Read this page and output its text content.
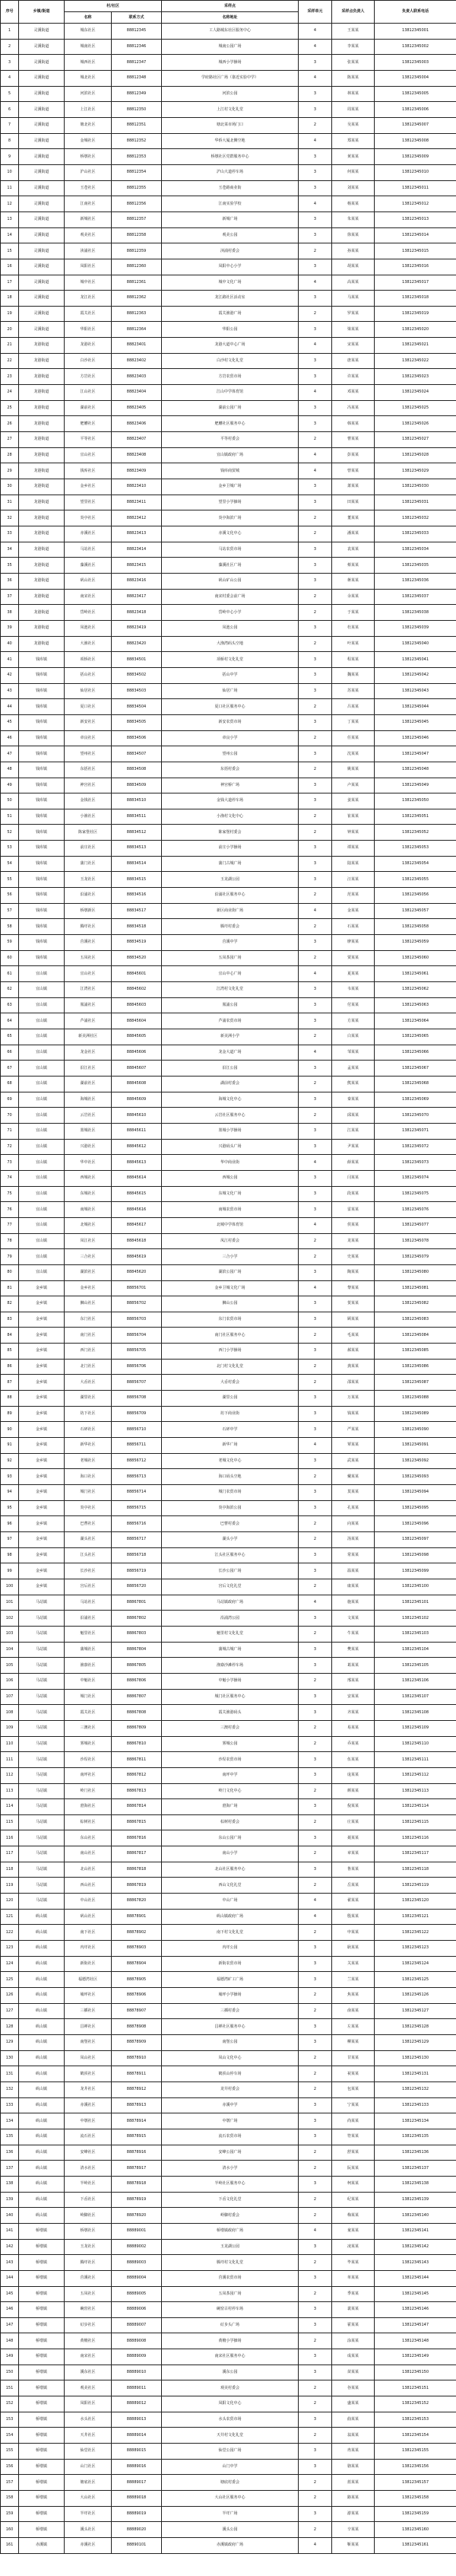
序号	乡镇/街道	村/社区		采样点	采样单元	采样点负责人	负责人联系电话
		名称	联系方式	名称地址			
1	灵溪街道	城东社区	88812345	工人路城东社区服务中心	4	王某某	13812345001
2	灵溪街道	城南社区	88812346	城南公园广场	4	李某某	13812345002
3	灵溪街道	城西社区	88812347	城西小学操场	3	张某某	13812345003
4	灵溪街道	城北社区	88812348	学府路社区广场（靠近实验中学）	4	陈某某	13812345004
5	灵溪街道	河滨社区	88812349	河滨公园	3	林某某	13812345005
6	灵溪街道	上江社区	88812350	上江村文化礼堂	3	周某某	13812345006
7	灵溪街道	塘北社区	88812351	塘北菜市场门口	2	吴某某	13812345007
8	灵溪街道	金城社区	88812352	华侨大厦北侧空地	4	郑某某	13812345008
9	灵溪街道	桥墩社区	88812353	桥墩社区党群服务中心	3	黄某某	13812345009
10	灵溪街道	沪山社区	88812354	沪山大道停车场	3	何某某	13812345010
11	灵溪街道	玉苍社区	88812355	玉苍路商业街	3	刘某某	13812345011
12	灵溪街道	江南社区	88812356	江南实验学校	4	杨某某	13812345012
13	灵溪街道	新城社区	88812357	新城广场	3	朱某某	13812345013
14	灵溪街道	观美社区	88812358	观美公园	3	徐某某	13812345014
15	灵溪街道	渎浦社区	88812359	渎浦村委会	2	孙某某	13812345015
16	灵溪街道	凤阳社区	88812360	凤阳中心小学	3	胡某某	13812345016
17	灵溪街道	城中社区	88812361	城中文化广场	4	高某某	13812345017
18	灵溪街道	龙江社区	88812362	龙江路社区活动室	3	马某某	13812345018
19	灵溪街道	霞关社区	88812363	霞关渔港广场	2	罗某某	13812345019
20	灵溪街道	华阳社区	88812364	华阳公园	3	梁某某	13812345020
21	龙港街道	龙港社区	88823401	龙港大道中心广场	4	宋某某	13812345021
22	龙港街道	白沙社区	88823402	白沙村文化礼堂	3	唐某某	13812345022
23	龙港街道	方岩社区	88823403	方岩农贸市场	3	许某某	13812345023
24	龙港街道	江山社区	88823404	江山中学体育馆	4	邓某某	13812345024
25	龙港街道	湖前社区	88823405	湖前公园广场	3	冯某某	13812345025
26	龙港街道	舥艚社区	88823406	舥艚社区服务中心	3	韩某某	13812345026
27	龙港街道	平等社区	88823407	平等村委会	2	曹某某	13812345027
28	龙港街道	宜山社区	88823408	宜山镇政府广场	4	彭某某	13812345028
29	龙港街道	钱库社区	88823409	钱库商贸城	4	曾某某	13812345029
30	龙港街道	金乡社区	88823410	金乡卫城广场	3	萧某某	13812345030
31	龙港街道	望里社区	88823411	望里小学操场	3	田某某	13812345031
32	龙港街道	炎亭社区	88823412	炎亭海滨广场	2	董某某	13812345032
33	龙港街道	赤溪社区	88823413	赤溪文化中心	2	潘某某	13812345033
34	龙港街道	马站社区	88823414	马站农贸市场	3	袁某某	13812345034
35	龙港街道	藻溪社区	88823415	藻溪社区广场	3	蔡某某	13812345035
36	龙港街道	矾山社区	88823416	矾山矿山公园	3	蒋某某	13812345036
37	龙港街道	南宋社区	88823417	南宋村委会前广场	2	余某某	13812345037
38	龙港街道	岱岭社区	88823418	岱岭中心小学	2	于某某	13812345038
39	龙港街道	凤池社区	88823419	凤池公园	3	杜某某	13812345039
40	龙港街道	大渔社区	88823420	大渔湾码头空地	2	叶某某	13812345040
41	钱库镇	项桥社区	88834501	项桥村文化礼堂	3	程某某	13812345041
42	钱库镇	括山社区	88834502	括山中学	3	魏某某	13812345042
43	钱库镇	仙居社区	88834503	仙居广场	3	苏某某	13812345043
44	钱库镇	夏口社区	88834504	夏口社区服务中心	2	吕某某	13812345044
45	钱库镇	新安社区	88834505	新安农贸市场	3	丁某某	13812345045
46	钱库镇	章良社区	88834506	章良小学	2	任某某	13812345046
47	钱库镇	望州社区	88834507	望州公园	3	沈某某	13812345047
48	钱库镇	东括社区	88834508	东括村委会	2	姚某某	13812345048
49	钱库镇	神宫社区	88834509	神宫桥广场	3	卢某某	13812345049
50	钱库镇	金钱社区	88834510	金钱大道停车场	3	姜某某	13812345050
51	钱库镇	小渔社区	88834511	小渔村文化中心	2	崔某某	13812345051
52	钱库镇	陈家堡社区	88834512	陈家堡村委会	2	钟某某	13812345052
53	钱库镇	前庄社区	88834513	前庄小学操场	3	谭某某	13812345053
54	钱库镇	蒲门社区	88834514	蒲门古城广场	3	陆某某	13812345054
55	钱库镇	玉龙社区	88834515	玉龙湖公园	3	汪某某	13812345055
56	钱库镇	沿浦社区	88834516	沿浦社区服务中心	2	范某某	13812345056
57	钱库镇	桥墩新区	88834517	新区商业街广场	4	金某某	13812345057
58	钱库镇	腾垟社区	88834518	腾垟村委会	2	石某某	13812345058
59	钱库镇	莒溪社区	88834519	莒溪中学	3	廖某某	13812345059
60	钱库镇	五凤社区	88834520	五凤茶园广场	2	贾某某	13812345060
61	宜山镇	宜山社区	88845601	宜山中心广场	4	夏某某	13812345061
62	宜山镇	江湾社区	88845602	江湾村文化礼堂	3	韦某某	13812345062
63	宜山镇	凰浦社区	88845603	凰浦公园	3	付某某	13812345063
64	宜山镇	芦浦社区	88845604	芦浦农贸市场	3	方某某	13812345064
65	宜山镇	新美洲社区	88845605	新美洲小学	2	白某某	13812345065
66	宜山镇	龙金社区	88845606	龙金大道广场	4	邹某某	13812345066
67	宜山镇	沿江社区	88845607	沿江公园	3	孟某某	13812345067
68	宜山镇	湖前社区	88845608	湖前村委会	2	熊某某	13812345068
69	宜山镇	海城社区	88845609	海城文化中心	3	秦某某	13812345069
70	宜山镇	云岩社区	88845610	云岩社区服务中心	2	邱某某	13812345070
71	宜山镇	墨城社区	88845611	墨城小学操场	3	江某某	13812345071
72	宜山镇	兴港社区	88845612	兴港码头广场	3	尹某某	13812345072
73	宜山镇	华中社区	88845613	华中商业街	4	薛某某	13812345073
74	宜山镇	西城社区	88845614	西城公园	3	闫某某	13812345074
75	宜山镇	东城社区	88845615	东城文化广场	3	段某某	13812345075
76	宜山镇	南城社区	88845616	南城农贸市场	3	雷某某	13812345076
77	宜山镇	北城社区	88845617	北城中学体育馆	4	侯某某	13812345077
78	宜山镇	凤江社区	88845618	凤江村委会	2	龙某某	13812345078
79	宜山镇	三合社区	88845619	三合小学	2	史某某	13812345079
80	宜山镇	湖滨社区	88845620	湖滨公园广场	3	陶某某	13812345080
81	金乡镇	金乡社区	88856701	金乡卫城文化广场	4	黎某某	13812345081
82	金乡镇	狮山社区	88856702	狮山公园	3	贺某某	13812345082
83	金乡镇	东门社区	88856703	东门农贸市场	3	顾某某	13812345083
84	金乡镇	南门社区	88856704	南门社区服务中心	2	毛某某	13812345084
85	金乡镇	西门社区	88856705	西门小学操场	3	郝某某	13812345085
86	金乡镇	北门社区	88856706	北门村文化礼堂	2	龚某某	13812345086
87	金乡镇	大岙社区	88856707	大岙村委会	2	邵某某	13812345087
88	金乡镇	湖里社区	88856708	湖里公园	3	万某某	13812345088
89	金乡镇	坊下社区	88856709	坊下商业街	3	钱某某	13812345089
90	金乡镇	石砰社区	88856710	石砰中学	3	严某某	13812345090
91	金乡镇	新华社区	88856711	新华广场	4	覃某某	13812345091
92	金乡镇	老城社区	88856712	老城文化中心	3	武某某	13812345092
93	金乡镇	海口社区	88856713	海口码头空地	2	戴某某	13812345093
94	金乡镇	城门社区	88856714	城门农贸市场	3	莫某某	13812345094
95	金乡镇	炎亭社区	88856715	炎亭海滨公园	3	孔某某	13812345095
96	金乡镇	巴曹社区	88856716	巴曹村委会	2	向某某	13812345096
97	金乡镇	湖头社区	88856717	湖头小学	2	汤某某	13812345097
98	金乡镇	江头社区	88856718	江头社区服务中心	3	常某某	13812345098
99	金乡镇	长沙社区	88856719	长沙公园广场	3	温某某	13812345099
100	金乡镇	宫后社区	88856720	宫后文化礼堂	2	康某某	13812345100
101	马站镇	马站社区	88867801	马站镇政府广场	4	施某某	13812345101
102	马站镇	沿浦社区	88867802	沿浦湾公园	3	文某某	13812345102
103	马站镇	魁里社区	88867803	魁里村文化礼堂	2	牛某某	13812345103
104	马站镇	蒲城社区	88867804	蒲城古城广场	3	樊某某	13812345104
105	马站镇	渔寮社区	88867805	渔寮沙滩停车场	3	葛某某	13812345105
106	马站镇	中魁社区	88867806	中魁小学操场	2	邢某某	13812345106
107	马站镇	城门社区	88867807	城门社区服务中心	3	安某某	13812345107
108	马站镇	霞关社区	88867808	霞关渔港码头	3	齐某某	13812345108
109	马站镇	三澳社区	88867809	三澳村委会	2	易某某	13812345109
110	马站镇	雾城社区	88867810	雾城公园	2	乔某某	13812345110
111	马站镇	沙埕社区	88867811	沙埕农贸市场	3	伍某某	13812345111
112	马站镇	南坪社区	88867812	南坪中学	3	庞某某	13812345112
113	马站镇	岭门社区	88867813	岭门文化中心	2	颜某某	13812345113
114	马站镇	澄海社区	88867814	澄海广场	3	倪某某	13812345114
115	马站镇	棕树社区	88867815	棕树村委会	2	庄某某	13812345115
116	马站镇	东山社区	88867816	东山公园广场	3	聂某某	13812345116
117	马站镇	南山社区	88867817	南山小学	2	章某某	13812345117
118	马站镇	北山社区	88867818	北山社区服务中心	3	鲁某某	13812345118
119	马站镇	西山社区	88867819	西山文化礼堂	2	岳某某	13812345119
120	马站镇	中山社区	88867820	中山广场	4	翟某某	13812345120
121	矾山镇	矾山社区	88878901	矾山镇政府广场	4	殷某某	13812345121
122	矾山镇	南下社区	88878902	南下村文化礼堂	2	申某某	13812345122
123	矾山镇	内垟社区	88878903	内垟公园	3	耿某某	13812345123
124	矾山镇	新街社区	88878904	新街农贸市场	3	关某某	13812345124
125	矾山镇	福德湾社区	88878905	福德湾矿工广场	3	兰某某	13812345125
126	矾山镇	埔坪社区	88878906	埔坪小学操场	2	焦某某	13812345126
127	矾山镇	三插社区	88878907	三插村委会	2	俞某某	13812345127
128	矾山镇	昌禅社区	88878908	昌禅社区服务中心	3	左某某	13812345128
129	矾山镇	南堡社区	88878909	南堡公园	3	柳某某	13812345129
130	矾山镇	凤山社区	88878910	凤山文化中心	2	甘某某	13812345130
131	矾山镇	鹤顶社区	88878911	鹤顶山停车场	2	祝某某	13812345131
132	矾山镇	龙井社区	88878912	龙井村委会	2	包某某	13812345132
133	矾山镇	赤溪社区	88878913	赤溪中学	3	宁某某	13812345133
134	矾山镇	中墩社区	88878914	中墩广场	3	尚某某	13812345134
135	矾山镇	流石社区	88878915	流石农贸市场	3	符某某	13812345135
136	矾山镇	安峰社区	88878916	安峰公园广场	2	舒某某	13812345136
137	矾山镇	清水社区	88878917	清水小学	2	阮某某	13812345137
138	矾山镇	半岭社区	88878918	半岭社区服务中心	3	柯某某	13812345138
139	矾山镇	下岙社区	88878919	下岙文化礼堂	2	纪某某	13812345139
140	矾山镇	岭脚社区	88878920	岭脚村委会	2	梅某某	13812345140
141	桥墩镇	桥墩社区	88889001	桥墩镇政府广场	4	童某某	13812345141
142	桥墩镇	玉龙社区	88889002	玉龙湖公园	3	凌某某	13812345142
143	桥墩镇	腾垟社区	88889003	腾垟村文化礼堂	2	毕某某	13812345143
144	桥墩镇	莒溪社区	88889004	莒溪农贸市场	3	单某某	13812345144
145	桥墩镇	五凤社区	88889005	五凤茶园广场	2	季某某	13812345145
146	桥墩镇	碗窑社区	88889006	碗窑古村停车场	3	裴某某	13812345146
147	桥墩镇	矴步社区	88889007	矴步头广场	3	霍某某	13812345147
148	桥墩镇	黄檀社区	88889008	黄檀小学操场	2	涂某某	13812345148
149	桥墩镇	南宋社区	88889009	南宋社区服务中心	3	成某某	13812345149
150	桥墩镇	溪东社区	88889010	溪东公园	3	苗某某	13812345150
151	桥墩镇	观美社区	88889011	观美村委会	2	谷某某	13812345151
152	桥墩镇	凤阳社区	88889012	凤阳文化中心	2	盛某某	13812345152
153	桥墩镇	水头社区	88889013	水头农贸市场	3	曲某某	13812345153
154	桥墩镇	天井社区	88889014	天井村文化礼堂	2	翁某某	13812345154
155	桥墩镇	仙堂社区	88889015	仙堂公园广场	3	冉某某	13812345155
156	桥墩镇	山门社区	88889016	山门中学	3	骆某某	13812345156
157	桥墩镇	塘底社区	88889017	塘底村委会	2	蓝某某	13812345157
158	桥墩镇	大山社区	88889018	大山社区服务中心	2	路某某	13812345158
159	桥墩镇	半垟社区	88889019	半垟广场	3	游某某	13812345159
160	桥墩镇	溪头社区	88889020	溪头公园	2	辛某某	13812345160
161	赤溪镇	赤溪社区	88890101	赤溪镇政府广场	4	靳某某	13812345161
